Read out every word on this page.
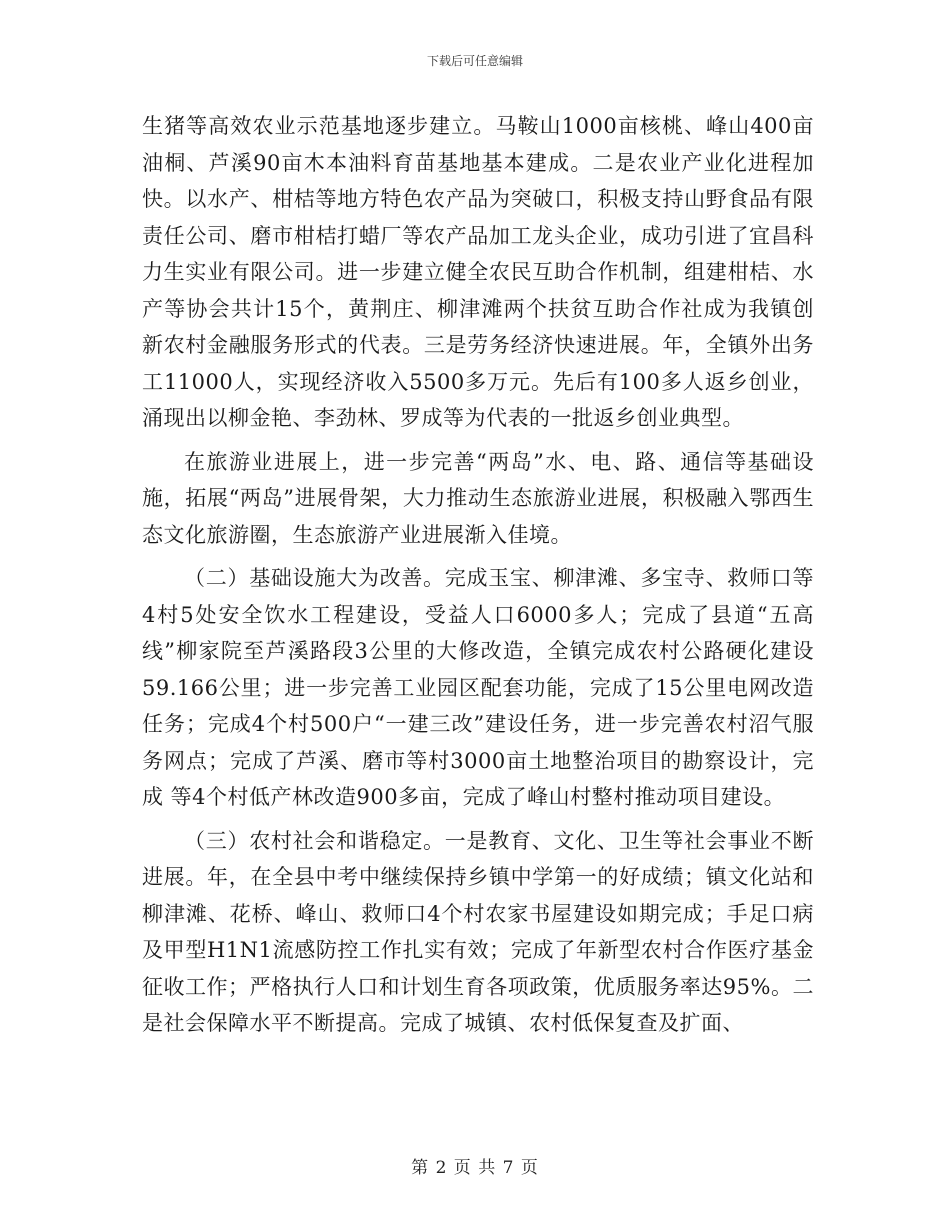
下载后可任意编辑

生猪等高效农业示范基地逐步建立。马鞍山1000亩核桃、峰山400亩油桐、芦溪90亩木本油料育苗基地基本建成。二是农业产业化进程加快。以水产、柑桔等地方特色农产品为突破口，积极支持山野食品有限责任公司、磨市柑桔打蜡厂等农产品加工龙头企业，成功引进了宜昌科力生实业有限公司。进一步建立健全农民互助合作机制，组建柑桔、水产等协会共计15个，黄荆庄、柳津滩两个扶贫互助合作社成为我镇创新农村金融服务形式的代表。三是劳务经济快速进展。年，全镇外出务工11000人，实现经济收入5500多万元。先后有100多人返乡创业，涌现出以柳金艳、李劲林、罗成等为代表的一批返乡创业典型。

在旅游业进展上，进一步完善“两岛”水、电、路、通信等基础设施，拓展“两岛”进展骨架，大力推动生态旅游业进展，积极融入鄂西生态文化旅游圈，生态旅游产业进展渐入佳境。

（二）基础设施大为改善。完成玉宝、柳津滩、多宝寺、救师口等4村5处安全饮水工程建设，受益人口6000多人；完成了县道“五高线”柳家院至芦溪路段3公里的大修改造，全镇完成农村公路硬化建设59.166公里；进一步完善工业园区配套功能，完成了15公里电网改造任务；完成4个村500户“一建三改”建设任务，进一步完善农村沼气服务网点；完成了芦溪、磨市等村3000亩土地整治项目的勘察设计，完成 等4个村低产林改造900多亩，完成了峰山村整村推动项目建设。

（三）农村社会和谐稳定。一是教育、文化、卫生等社会事业不断进展。年，在全县中考中继续保持乡镇中学第一的好成绩；镇文化站和柳津滩、花桥、峰山、救师口4个村农家书屋建设如期完成；手足口病及甲型H1N1流感防控工作扎实有效；完成了年新型农村合作医疗基金征收工作；严格执行人口和计划生育各项政策，优质服务率达95%。二是社会保障水平不断提高。完成了城镇、农村低保复查及扩面、

第 2 页 共 7 页
